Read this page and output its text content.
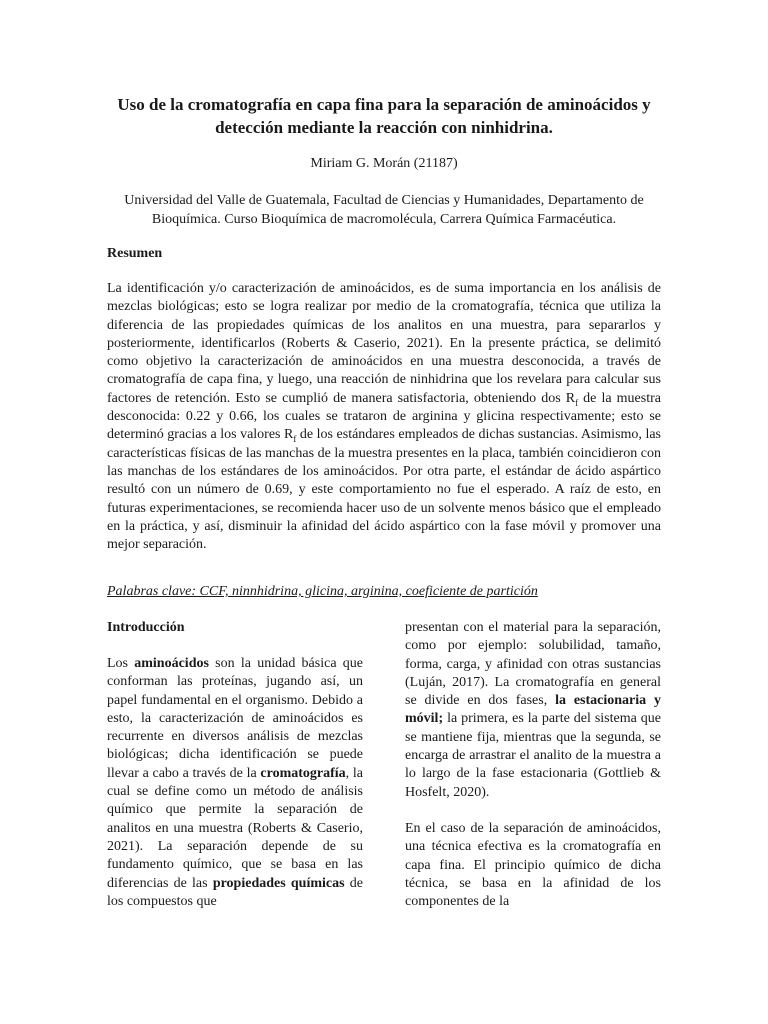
Uso de la cromatografía en capa fina para la separación de aminoácidos y detección mediante la reacción con ninhidrina.
Miriam G. Morán (21187)
Universidad del Valle de Guatemala, Facultad de Ciencias y Humanidades, Departamento de Bioquímica. Curso Bioquímica de macromolécula, Carrera Química Farmacéutica.
Resumen
La identificación y/o caracterización de aminoácidos, es de suma importancia en los análisis de mezclas biológicas; esto se logra realizar por medio de la cromatografía, técnica que utiliza la diferencia de las propiedades químicas de los analitos en una muestra, para separarlos y posteriormente, identificarlos (Roberts & Caserio, 2021). En la presente práctica, se delimitó como objetivo la caracterización de aminoácidos en una muestra desconocida, a través de cromatografía de capa fina, y luego, una reacción de ninhidrina que los revelara para calcular sus factores de retención. Esto se cumplió de manera satisfactoria, obteniendo dos $R_f$ de la muestra desconocida: 0.22 y 0.66, los cuales se trataron de arginina y glicina respectivamente; esto se determinó gracias a los valores $R_f$ de los estándares empleados de dichas sustancias. Asimismo, las características físicas de las manchas de la muestra presentes en la placa, también coincidieron con las manchas de los estándares de los aminoácidos. Por otra parte, el estándar de ácido aspártico resultó con un número de 0.69, y este comportamiento no fue el esperado. A raíz de esto, en futuras experimentaciones, se recomienda hacer uso de un solvente menos básico que el empleado en la práctica, y así, disminuir la afinidad del ácido aspártico con la fase móvil y promover una mejor separación.
Palabras clave: CCF, ninnhidrina, glicina, arginina, coeficiente de partición
Introducción

Los aminoácidos son la unidad básica que conforman las proteínas, jugando así, un papel fundamental en el organismo. Debido a esto, la caracterización de aminoácidos es recurrente en diversos análisis de mezclas biológicas; dicha identificación se puede llevar a cabo a través de la cromatografía, la cual se define como un método de análisis químico que permite la separación de analitos en una muestra (Roberts & Caserio, 2021). La separación depende de su fundamento químico, que se basa en las diferencias de las propiedades químicas de los compuestos que

presentan con el material para la separación, como por ejemplo: solubilidad, tamaño, forma, carga, y afinidad con otras sustancias (Luján, 2017). La cromatografía en general se divide en dos fases, la estacionaria y móvil; la primera, es la parte del sistema que se mantiene fija, mientras que la segunda, se encarga de arrastrar el analito de la muestra a lo largo de la fase estacionaria (Gottlieb & Hosfelt, 2020).

En el caso de la separación de aminoácidos, una técnica efectiva es la cromatografía en capa fina. El principio químico de dicha técnica, se basa en la afinidad de los componentes de la
